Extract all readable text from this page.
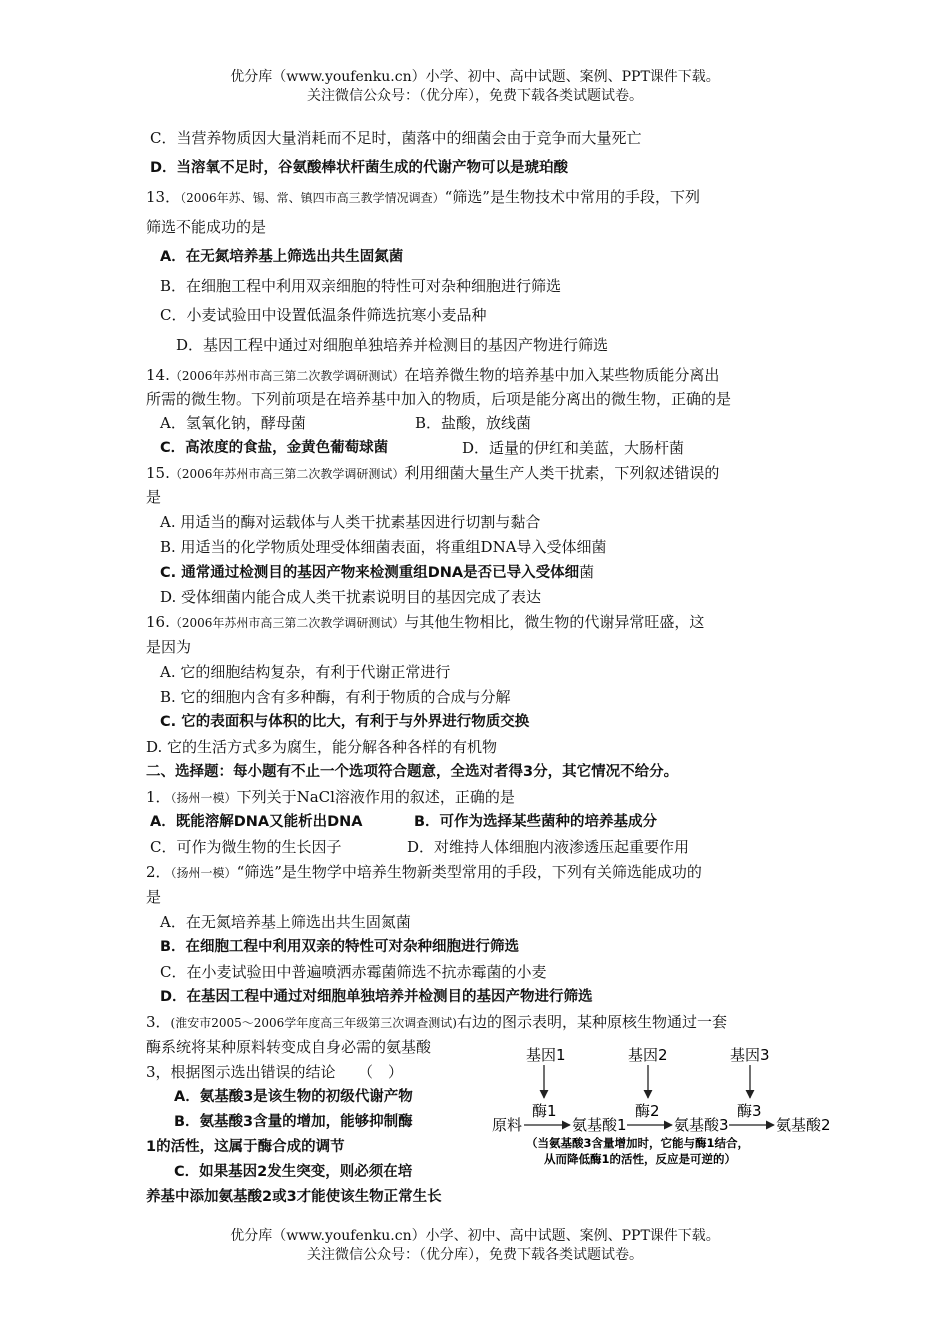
优分库（www.youfenku.cn）小学、初中、高中试题、案例、PPT课件下载。
关注微信公众号：（优分库），免费下载各类试题试卷。
C．当营养物质因大量消耗而不足时，菌落中的细菌会由于竞争而大量死亡
D．当溶氧不足时，谷氨酸棒状杆菌生成的代谢产物可以是琥珀酸
13．（2006年苏、锡、常、镇四市高三教学情况调查）“筛选”是生物技术中常用的手段，下列
筛选不能成功的是
A．在无氮培养基上筛选出共生固氮菌
B．在细胞工程中利用双亲细胞的特性可对杂种细胞进行筛选
C．小麦试验田中设置低温条件筛选抗寒小麦品种
D．基因工程中通过对细胞单独培养并检测目的基因产物进行筛选
14.（2006年苏州市高三第二次教学调研测试）在培养微生物的培养基中加入某些物质能分离出
所需的微生物。下列前项是在培养基中加入的物质，后项是能分离出的微生物，正确的是
A．氢氧化钠，酵母菌	B．盐酸，放线菌
C．高浓度的食盐，金黄色葡萄球菌	D．适量的伊红和美蓝，大肠杆菌
15.（2006年苏州市高三第二次教学调研测试）利用细菌大量生产人类干扰素，下列叙述错误的
是
A. 用适当的酶对运载体与人类干扰素基因进行切割与黏合
B. 用适当的化学物质处理受体细菌表面，将重组DNA导入受体细菌
C. 通常通过检测目的基因产物来检测重组DNA是否已导入受体细菌
D. 受体细菌内能合成人类干扰素说明目的基因完成了表达
16.（2006年苏州市高三第二次教学调研测试）与其他生物相比，微生物的代谢异常旺盛，这
是因为
A. 它的细胞结构复杂，有利于代谢正常进行
B. 它的细胞内含有多种酶，有利于物质的合成与分解
C. 它的表面积与体积的比大，有利于与外界进行物质交换
D. 它的生活方式多为腐生，能分解各种各样的有机物
二、选择题：每小题有不止一个选项符合题意，全选对者得3分，其它情况不给分。
1．（扬州一模）下列关于NaCl溶液作用的叙述，正确的是
A．既能溶解DNA又能析出DNA	B．可作为选择某些菌种的培养基成分
C．可作为微生物的生长因子	D．对维持人体细胞内液渗透压起重要作用
2．（扬州一模）“筛选”是生物学中培养生物新类型常用的手段，下列有关筛选能成功的
是
A．在无氮培养基上筛选出共生固氮菌
B．在细胞工程中利用双亲的特性可对杂种细胞进行筛选
C．在小麦试验田中普遍喷洒赤霉菌筛选不抗赤霉菌的小麦
D．在基因工程中通过对细胞单独培养并检测目的基因产物进行筛选
3．(淮安市2005～2006学年度高三年级第三次调查测试)右边的图示表明，某种原核生物通过一套
酶系统将某种原料转变成自身必需的氨基酸
3，根据图示选出错误的结论　　（　）
A．氨基酸3是该生物的初级代谢产物
B．氨基酸3含量的增加，能够抑制酶
1的活性，这属于酶合成的调节
C．如果基因2发生突变，则必须在培
养基中添加氨基酸2或3才能使该生物正常生长
基因1	基因2	基因3
酶1	酶2	酶3
原料	氨基酸1	氨基酸3	氨基酸2
（当氨基酸3含量增加时，它能与酶1结合，
从而降低酶1的活性，反应是可逆的）
优分库（www.youfenku.cn）小学、初中、高中试题、案例、PPT课件下载。
关注微信公众号：（优分库），免费下载各类试题试卷。
